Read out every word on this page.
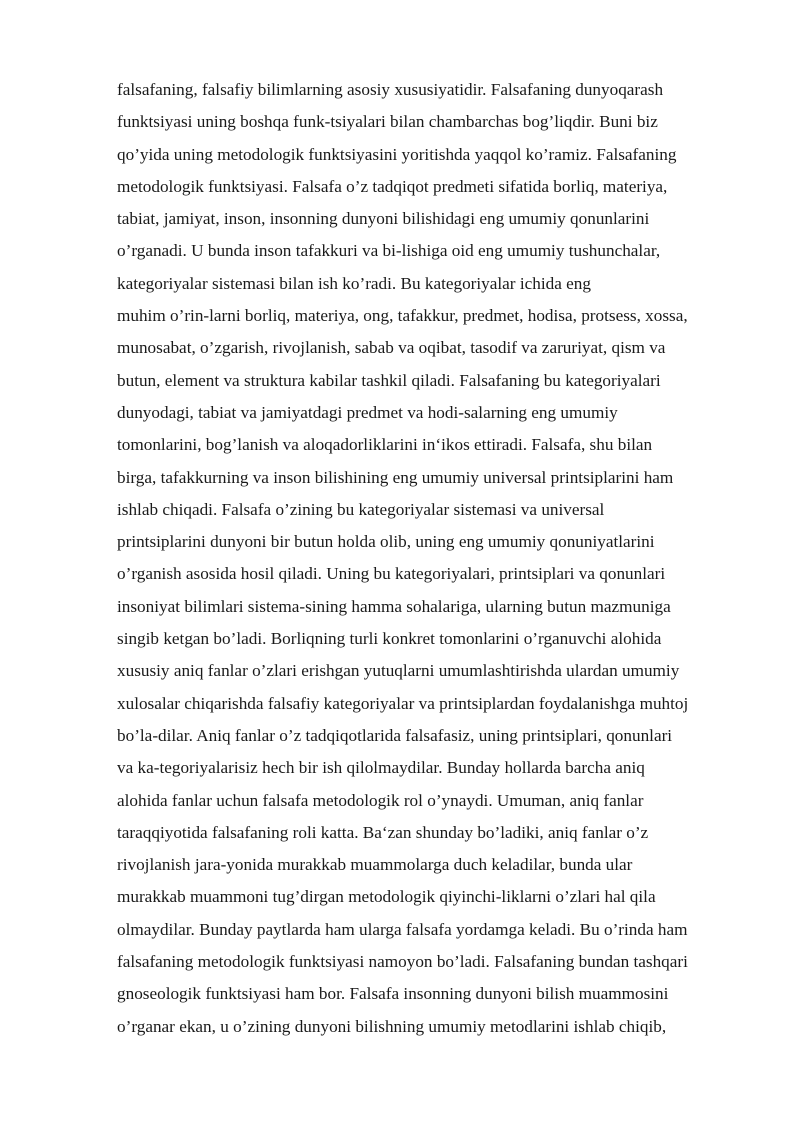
falsafaning, falsafiy bilimlarning asosiy xususiyatidir. Falsafaning dunyoqarash
funktsiyasi uning boshqa funk-tsiyalari bilan chambarchas bog’liqdir. Buni biz
qo’yida uning metodologik funktsiyasini yoritishda yaqqol ko’ramiz. Falsafaning
metodologik funktsiyasi. Falsafa o’z tadqiqot predmeti sifatida borliq, materiya,
tabiat, jamiyat, inson, insonning dunyoni bilishidagi eng umumiy qonunlarini
o’rganadi. U bunda inson tafakkuri va bi-lishiga oid eng umumiy tushunchalar,
kategoriyalar sistemasi bilan ish ko’radi. Bu kategoriyalar ichida eng
muhim o’rin-larni borliq, materiya, ong, tafakkur, predmet, hodisa, protsess, xossa,
munosabat, o’zgarish, rivojlanish, sabab va oqibat, tasodif va zaruriyat, qism va
butun, element va struktura kabilar tashkil qiladi. Falsafaning bu kategoriyalari
dunyodagi, tabiat va jamiyatdagi predmet va hodi-salarning eng umumiy
tomonlarini, bog’lanish va aloqadorliklarini in‘ikos ettiradi. Falsafa, shu bilan
birga, tafakkurning va inson bilishining eng umumiy universal printsiplarini ham
ishlab chiqadi. Falsafa o’zining bu kategoriyalar sistemasi va universal
printsiplarini dunyoni bir butun holda olib, uning eng umumiy qonuniyatlarini
o’rganish asosida hosil qiladi. Uning bu kategoriyalari, printsiplari va qonunlari
insoniyat bilimlari sistema-sining hamma sohalariga, ularning butun mazmuniga
singib ketgan bo’ladi. Borliqning turli konkret tomonlarini o’rganuvchi alohida
xususiy aniq fanlar o’zlari erishgan yutuqlarni umumlashtirishda ulardan umumiy
xulosalar chiqarishda falsafiy kategoriyalar va printsiplardan foydalanishga muhtoj
bo’la-dilar. Aniq fanlar o’z tadqiqotlarida falsafasiz, uning printsiplari, qonunlari
va ka-tegoriyalarisiz hech bir ish qilolmaydilar. Bunday hollarda barcha aniq
alohida fanlar uchun falsafa metodologik rol o’ynaydi. Umuman, aniq fanlar
taraqqiyotida falsafaning roli katta. Ba‘zan shunday bo’ladiki, aniq fanlar o’z
rivojlanish jara-yonida murakkab muammolarga duch keladilar, bunda ular
murakkab muammoni tug’dirgan metodologik qiyinchi-liklarni o’zlari hal qila
olmaydilar. Bunday paytlarda ham ularga falsafa yordamga keladi. Bu o’rinda ham
falsafaning metodologik funktsiyasi namoyon bo’ladi. Falsafaning bundan tashqari
gnoseologik funktsiyasi ham bor. Falsafa insonning dunyoni bilish muammosini
o’rganar ekan, u o’zining dunyoni bilishning umumiy metodlarini ishlab chiqib,
